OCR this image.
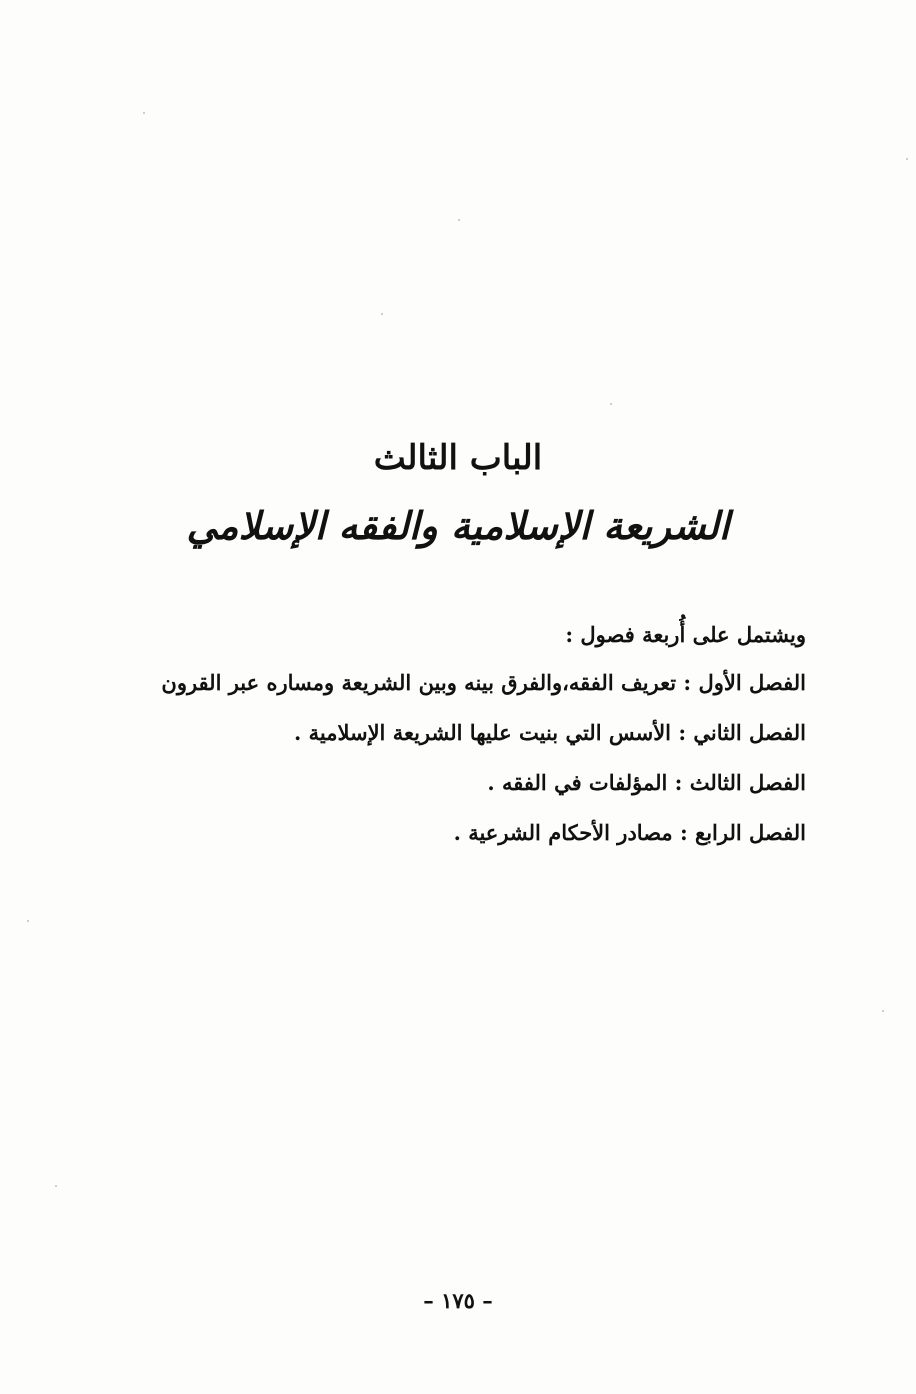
الباب الثالث
الشريعة الإسلامية والفقه الإسلامي
ويشتمل على أُربعة فصول :
الفصل الأول : تعريف الفقه،والفرق بينه وبين الشريعة ومساره عبر القرون
الفصل الثاني : الأسس التي بنيت عليها الشريعة الإسلامية .
الفصل الثالث : المؤلفات في الفقه .
الفصل الرابع : مصادر الأحكام الشرعية .
– ١٧٥ –
